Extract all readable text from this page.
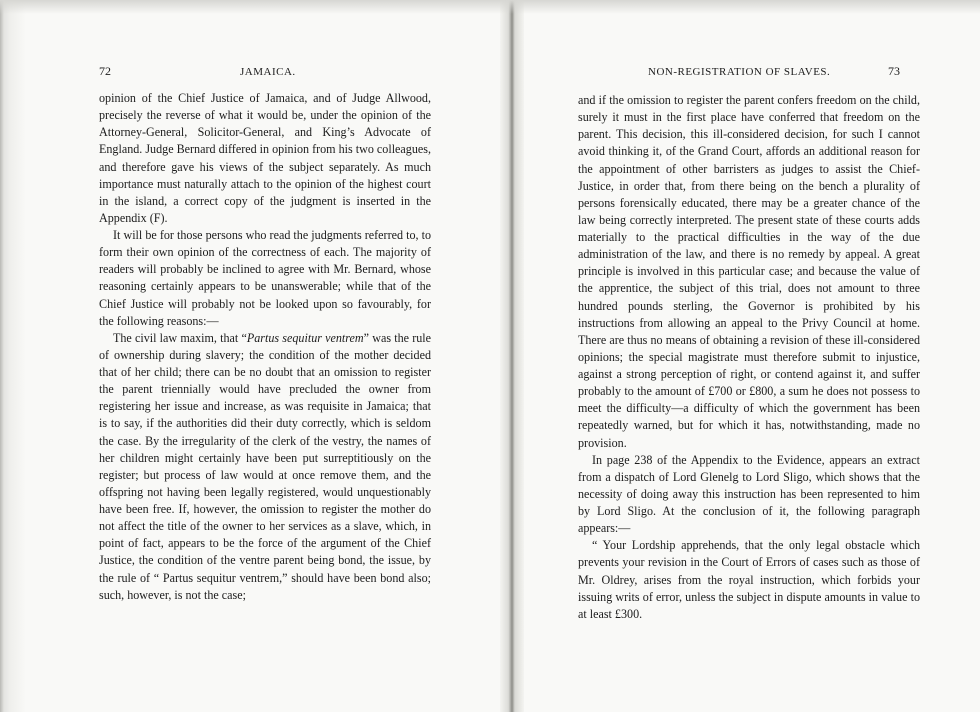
72	JAMAICA.

opinion of the Chief Justice of Jamaica, and of Judge Allwood, precisely the reverse of what it would be, under the opinion of the Attorney-General, Solicitor-General, and King’s Advocate of England. Judge Bernard differed in opinion from his two colleagues, and therefore gave his views of the subject separately. As much importance must naturally attach to the opinion of the highest court in the island, a correct copy of the judgment is inserted in the Appendix (F).

It will be for those persons who read the judgments referred to, to form their own opinion of the correctness of each. The majority of readers will probably be inclined to agree with Mr. Bernard, whose reasoning certainly appears to be unanswerable; while that of the Chief Justice will probably not be looked upon so favourably, for the following reasons:—

The civil law maxim, that “Partus sequitur ventrem” was the rule of ownership during slavery; the condition of the mother decided that of her child; there can be no doubt that an omission to register the parent triennially would have precluded the owner from registering her issue and increase, as was requisite in Jamaica; that is to say, if the authorities did their duty correctly, which is seldom the case. By the irregularity of the clerk of the vestry, the names of her children might certainly have been put surreptitiously on the register; but process of law would at once remove them, and the offspring not having been legally registered, would unquestionably have been free. If, however, the omission to register the mother do not affect the title of the owner to her services as a slave, which, in point of fact, appears to be the force of the argument of the Chief Justice, the condition of the ventre parent being bond, the issue, by the rule of “ Partus sequitur ventrem,” should have been bond also; such, however, is not the case;

NON-REGISTRATION OF SLAVES.	73

and if the omission to register the parent confers freedom on the child, surely it must in the first place have conferred that freedom on the parent. This decision, this ill-considered decision, for such I cannot avoid thinking it, of the Grand Court, affords an additional reason for the appointment of other barristers as judges to assist the Chief-Justice, in order that, from there being on the bench a plurality of persons forensically educated, there may be a greater chance of the law being correctly interpreted. The present state of these courts adds materially to the practical difficulties in the way of the due administration of the law, and there is no remedy by appeal. A great principle is involved in this particular case; and because the value of the apprentice, the subject of this trial, does not amount to three hundred pounds sterling, the Governor is prohibited by his instructions from allowing an appeal to the Privy Council at home. There are thus no means of obtaining a revision of these ill-considered opinions; the special magistrate must therefore submit to injustice, against a strong perception of right, or contend against it, and suffer probably to the amount of £700 or £800, a sum he does not possess to meet the difficulty—a difficulty of which the government has been repeatedly warned, but for which it has, notwithstanding, made no provision.

In page 238 of the Appendix to the Evidence, appears an extract from a dispatch of Lord Glenelg to Lord Sligo, which shows that the necessity of doing away this instruction has been represented to him by Lord Sligo. At the conclusion of it, the following paragraph appears:—

“ Your Lordship apprehends, that the only legal obstacle which prevents your revision in the Court of Errors of cases such as those of Mr. Oldrey, arises from the royal instruction, which forbids your issuing writs of error, unless the subject in dispute amounts in value to at least £300.
